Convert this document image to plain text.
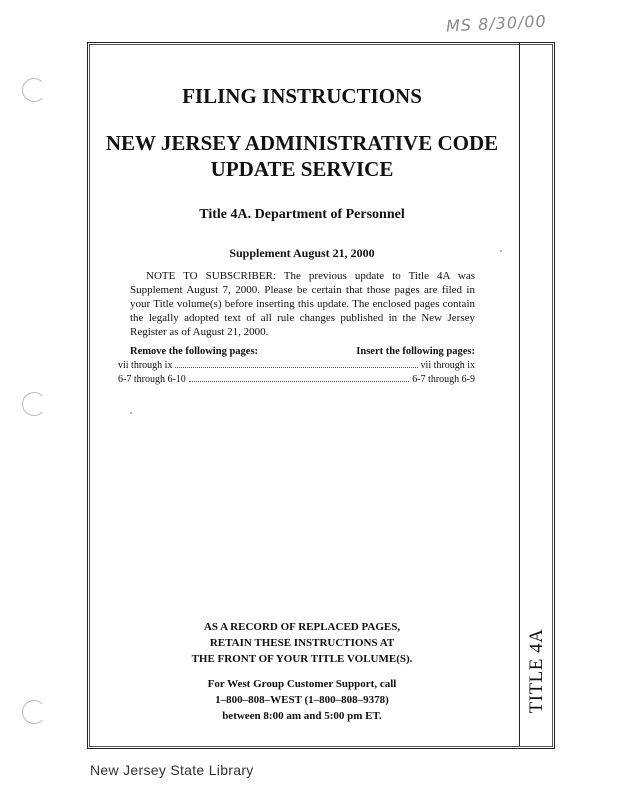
MS 8/30/00
TITLE 4A
FILING INSTRUCTIONS
NEW JERSEY ADMINISTRATIVE CODE
UPDATE SERVICE
Title 4A. Department of Personnel
Supplement August 21, 2000
NOTE TO SUBSCRIBER: The previous update to Title 4A was Supplement August 7, 2000. Please be certain that those pages are filed in your Title volume(s) before inserting this update. The enclosed pages contain the legally adopted text of all rule changes published in the New Jersey Register as of August 21, 2000.
Remove the following pages:	Insert the following pages:
vii through ix	vii through ix
6-7 through 6-10	6-7 through 6-9
AS A RECORD OF REPLACED PAGES,
RETAIN THESE INSTRUCTIONS AT
THE FRONT OF YOUR TITLE VOLUME(S).
For West Group Customer Support, call
1–800–808–WEST (1–800–808–9378)
between 8:00 am and 5:00 pm ET.
New Jersey State Library
